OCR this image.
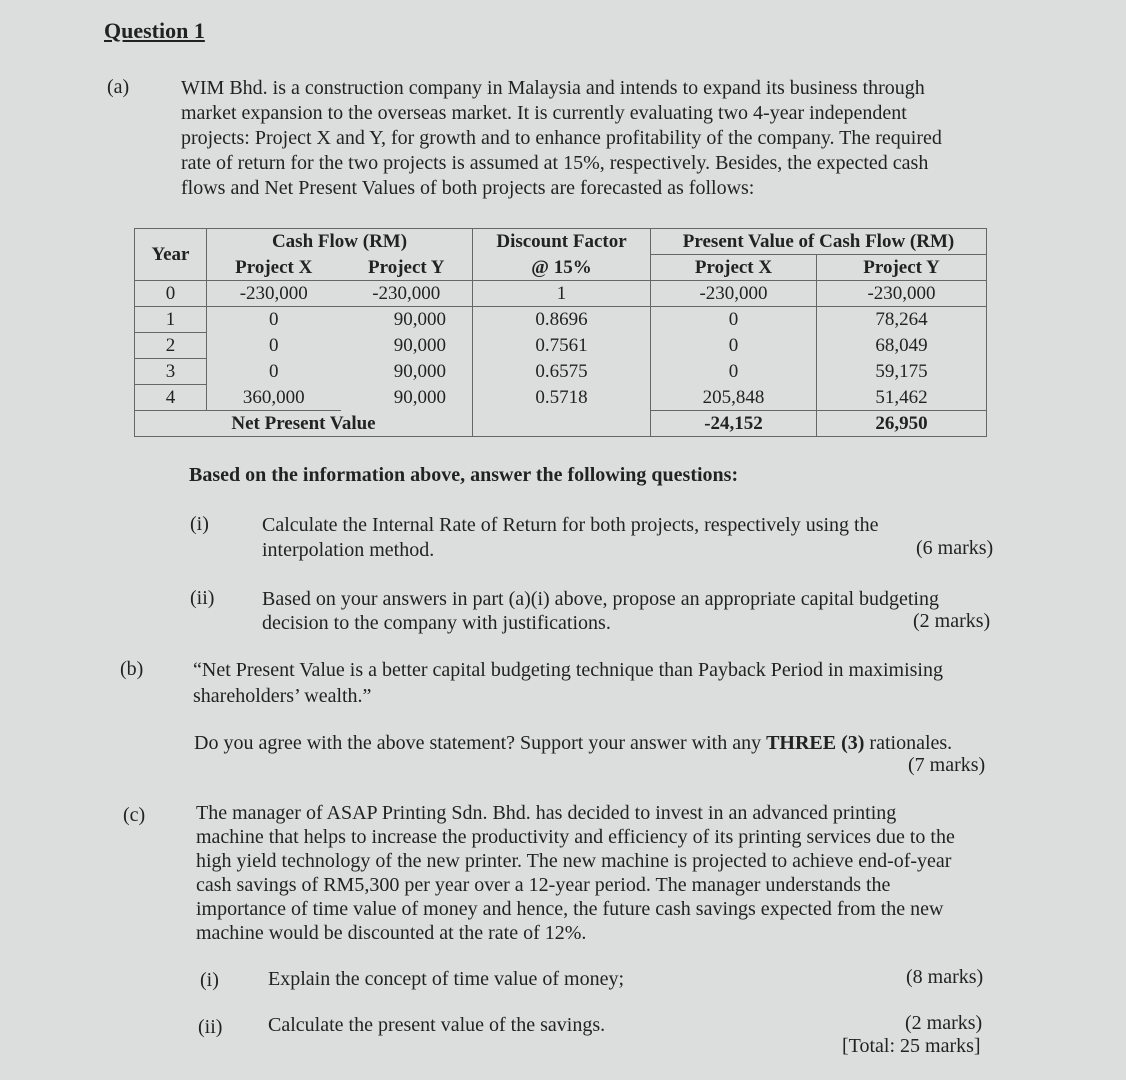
Question 1
(a)	WIM Bhd. is a construction company in Malaysia and intends to expand its business through
market expansion to the overseas market. It is currently evaluating two 4-year independent
projects: Project X and Y, for growth and to enhance profitability of the company. The required
rate of return for the two projects is assumed at 15%, respectively. Besides, the expected cash
flows and Net Present Values of both projects are forecasted as follows:
Year	Cash Flow (RM)		Discount Factor	Present Value of Cash Flow (RM)	
	Project X	Project Y	@ 15%	Project X	Project Y
0	-230,000	-230,000	1	-230,000	-230,000
1	0	90,000	0.8696	0	78,264
2	0	90,000	0.7561	0	68,049
3	0	90,000	0.6575	0	59,175
4	360,000	90,000	0.5718	205,848	51,462
Net Present Value				-24,152	26,950
Based on the information above, answer the following questions:
(i)	Calculate the Internal Rate of Return for both projects, respectively using the
interpolation method.	(6 marks)
(ii) Based on your answers in part (a)(i) above, propose an appropriate capital budgeting
decision to the company with justifications.	(2 marks)
(b) “Net Present Value is a better capital budgeting technique than Payback Period in maximising
shareholders’ wealth.”
Do you agree with the above statement? Support your answer with any THREE (3) rationales.
(7 marks)
(c)	The manager of ASAP Printing Sdn. Bhd. has decided to invest in an advanced printing
machine that helps to increase the productivity and efficiency of its printing services due to the
high yield technology of the new printer. The new machine is projected to achieve end-of-year
cash savings of RM5,300 per year over a 12-year period. The manager understands the
importance of time value of money and hence, the future cash savings expected from the new
machine would be discounted at the rate of 12%.
(i) Explain the concept of time value of money;	(8 marks)
(ii) Calculate the present value of the savings.	(2 marks)
[Total: 25 marks]
